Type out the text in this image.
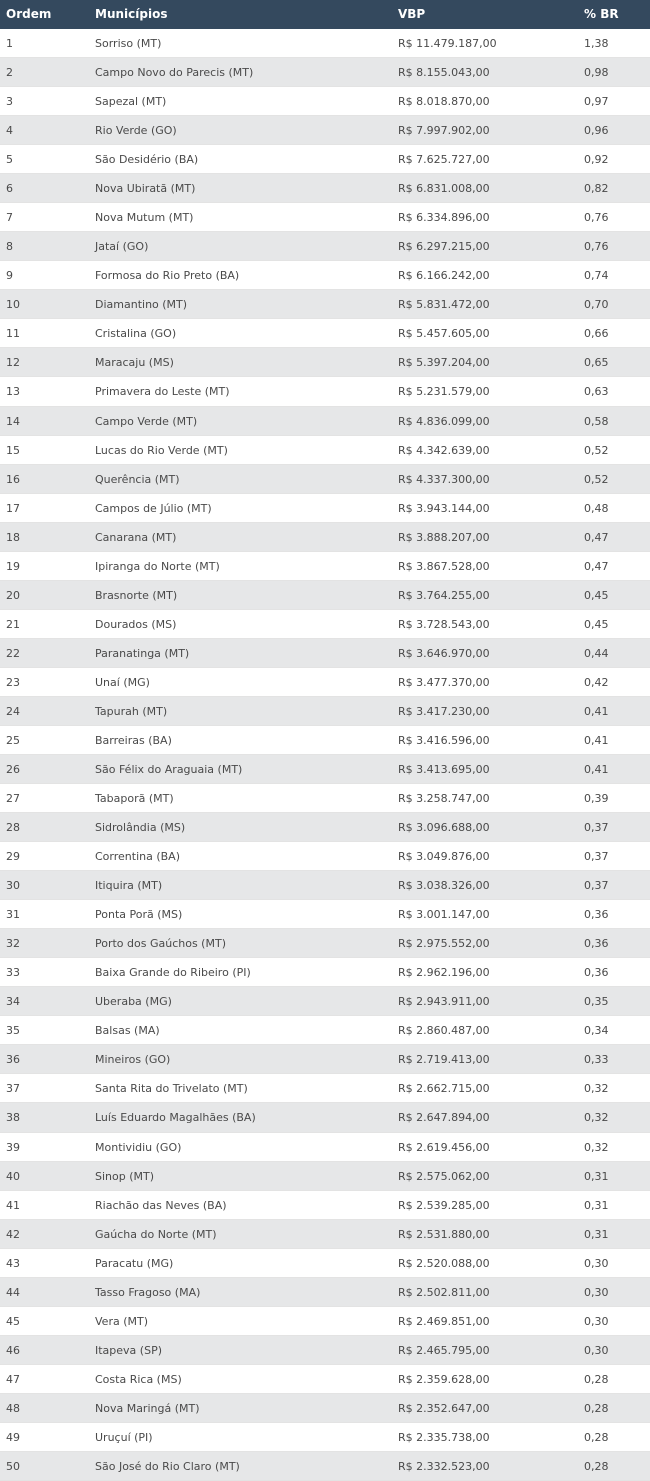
Ordem	Municípios	VBP	% BR
1	Sorriso (MT)	R$ 11.479.187,00	1,38
2	Campo Novo do Parecis (MT)	R$ 8.155.043,00	0,98
3	Sapezal (MT)	R$ 8.018.870,00	0,97
4	Rio Verde (GO)	R$ 7.997.902,00	0,96
5	São Desidério (BA)	R$ 7.625.727,00	0,92
6	Nova Ubiratã (MT)	R$ 6.831.008,00	0,82
7	Nova Mutum (MT)	R$ 6.334.896,00	0,76
8	Jataí (GO)	R$ 6.297.215,00	0,76
9	Formosa do Rio Preto (BA)	R$ 6.166.242,00	0,74
10	Diamantino (MT)	R$ 5.831.472,00	0,70
11	Cristalina (GO)	R$ 5.457.605,00	0,66
12	Maracaju (MS)	R$ 5.397.204,00	0,65
13	Primavera do Leste (MT)	R$ 5.231.579,00	0,63
14	Campo Verde (MT)	R$ 4.836.099,00	0,58
15	Lucas do Rio Verde (MT)	R$ 4.342.639,00	0,52
16	Querência (MT)	R$ 4.337.300,00	0,52
17	Campos de Júlio (MT)	R$ 3.943.144,00	0,48
18	Canarana (MT)	R$ 3.888.207,00	0,47
19	Ipiranga do Norte (MT)	R$ 3.867.528,00	0,47
20	Brasnorte (MT)	R$ 3.764.255,00	0,45
21	Dourados (MS)	R$ 3.728.543,00	0,45
22	Paranatinga (MT)	R$ 3.646.970,00	0,44
23	Unaí (MG)	R$ 3.477.370,00	0,42
24	Tapurah (MT)	R$ 3.417.230,00	0,41
25	Barreiras (BA)	R$ 3.416.596,00	0,41
26	São Félix do Araguaia (MT)	R$ 3.413.695,00	0,41
27	Tabaporã (MT)	R$ 3.258.747,00	0,39
28	Sidrolândia (MS)	R$ 3.096.688,00	0,37
29	Correntina (BA)	R$ 3.049.876,00	0,37
30	Itiquira (MT)	R$ 3.038.326,00	0,37
31	Ponta Porã (MS)	R$ 3.001.147,00	0,36
32	Porto dos Gaúchos (MT)	R$ 2.975.552,00	0,36
33	Baixa Grande do Ribeiro (PI)	R$ 2.962.196,00	0,36
34	Uberaba (MG)	R$ 2.943.911,00	0,35
35	Balsas (MA)	R$ 2.860.487,00	0,34
36	Mineiros (GO)	R$ 2.719.413,00	0,33
37	Santa Rita do Trivelato (MT)	R$ 2.662.715,00	0,32
38	Luís Eduardo Magalhães (BA)	R$ 2.647.894,00	0,32
39	Montividiu (GO)	R$ 2.619.456,00	0,32
40	Sinop (MT)	R$ 2.575.062,00	0,31
41	Riachão das Neves (BA)	R$ 2.539.285,00	0,31
42	Gaúcha do Norte (MT)	R$ 2.531.880,00	0,31
43	Paracatu (MG)	R$ 2.520.088,00	0,30
44	Tasso Fragoso (MA)	R$ 2.502.811,00	0,30
45	Vera (MT)	R$ 2.469.851,00	0,30
46	Itapeva (SP)	R$ 2.465.795,00	0,30
47	Costa Rica (MS)	R$ 2.359.628,00	0,28
48	Nova Maringá (MT)	R$ 2.352.647,00	0,28
49	Uruçuí (PI)	R$ 2.335.738,00	0,28
50	São José do Rio Claro (MT)	R$ 2.332.523,00	0,28
